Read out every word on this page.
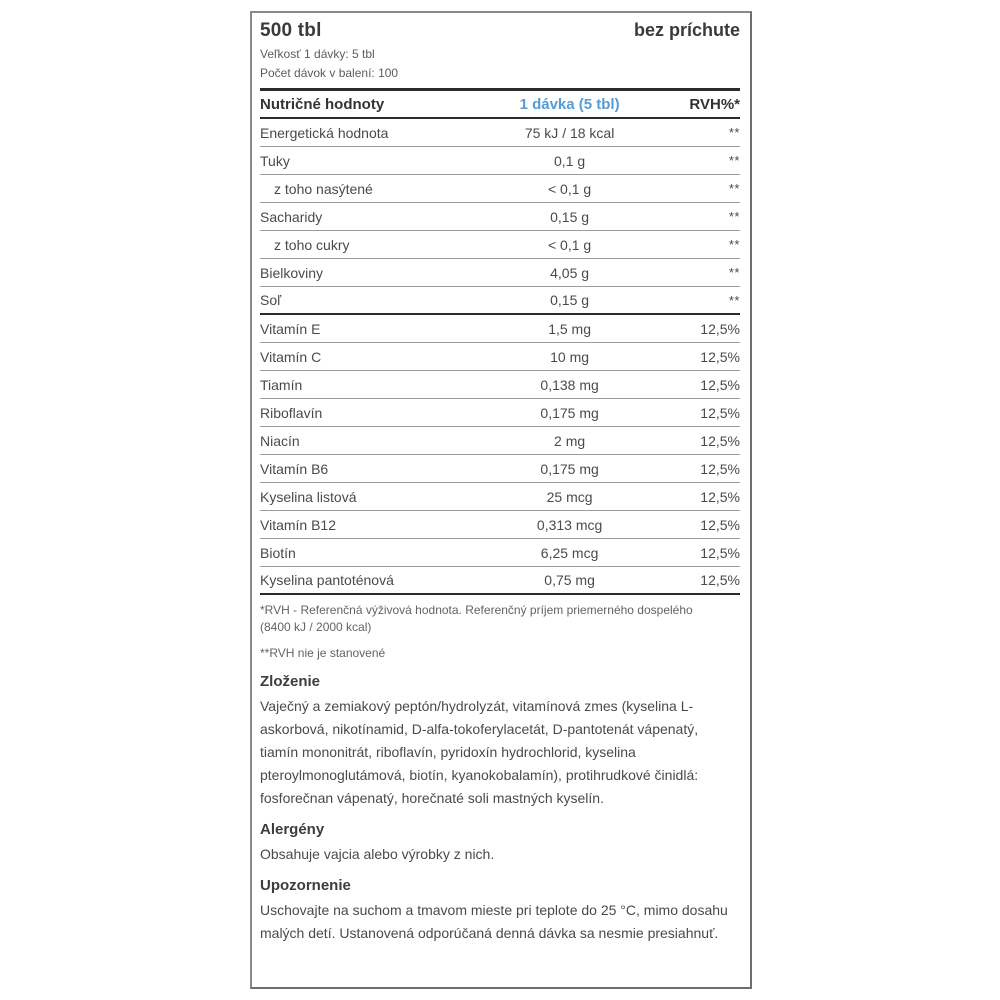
500 tbl	bez príchute
Veľkosť 1 dávky: 5 tbl
Počet dávok v balení: 100
Nutričné hodnoty	1 dávka (5 tbl)	RVH%*
Energetická hodnota	75 kJ / 18 kcal	**
Tuky	0,1 g	**
z toho nasýtené	< 0,1 g	**
Sacharidy	0,15 g	**
z toho cukry	< 0,1 g	**
Bielkoviny	4,05 g	**
Soľ	0,15 g	**
Vitamín E	1,5 mg	12,5%
Vitamín C	10 mg	12,5%
Tiamín	0,138 mg	12,5%
Riboflavín	0,175 mg	12,5%
Niacín	2 mg	12,5%
Vitamín B6	0,175 mg	12,5%
Kyselina listová	25 mcg	12,5%
Vitamín B12	0,313 mcg	12,5%
Biotín	6,25 mcg	12,5%
Kyselina pantoténová	0,75 mg	12,5%
*RVH - Referenčná výživová hodnota. Referenčný príjem priemerného dospelého (8400 kJ / 2000 kcal)
**RVH nie je stanovené
Zloženie
Vaječný a zemiakový peptón/hydrolyzát, vitamínová zmes (kyselina L-askorbová, nikotínamid, D-alfa-tokoferylacetát, D-pantotenát vápenatý, tiamín mononitrát, riboflavín, pyridoxín hydrochlorid, kyselina pteroylmonoglutámová, biotín, kyanokobalamín), protihrudkové činidlá: fosforečnan vápenatý, horečnaté soli mastných kyselín.
Alergény
Obsahuje vajcia alebo výrobky z nich.
Upozornenie
Uschovajte na suchom a tmavom mieste pri teplote do 25 °C, mimo dosahu malých detí. Ustanovená odporúčaná denná dávka sa nesmie presiahnuť.
